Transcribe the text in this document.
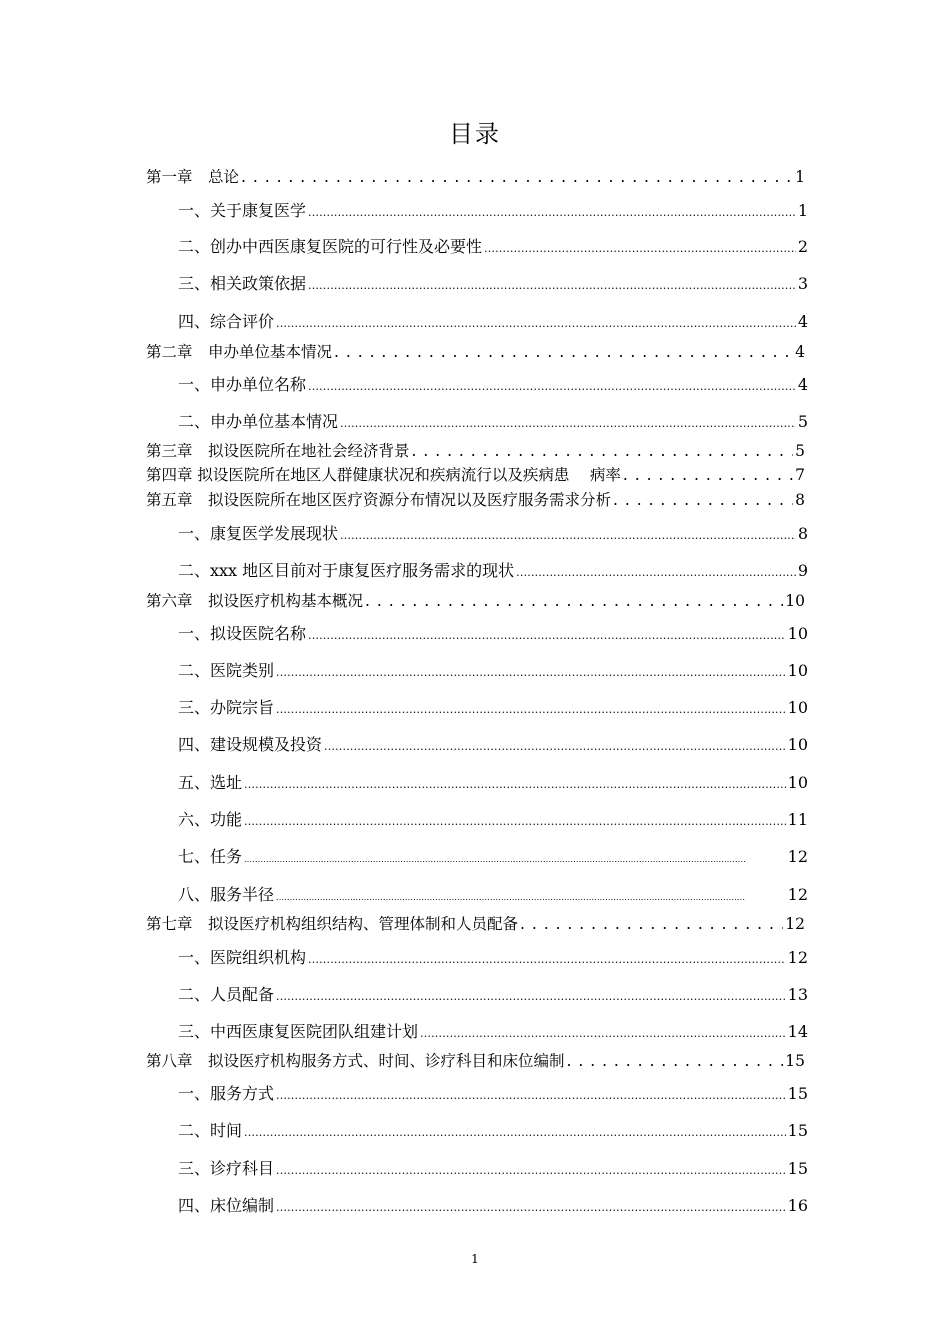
目录
第一章　总论 . . .	1
一、关于康复医学 .....	1
二、创办中西医康复医院的可行性及必要性 .....	2
三、相关政策依据 .....	3
四、综合评价 .....	4
第二章　申办单位基本情况 . . .	4
一、申办单位名称 .....	4
二、申办单位基本情况 .....	5
第三章　拟设医院所在地社会经济背景 . . .	5
第四章 拟设医院所在地区人群健康状况和疾病流行以及疾病患　 病率 . . .	7
第五章　拟设医院所在地区医疗资源分布情况以及医疗服务需求分析 . . .	8
一、康复医学发展现状 .....	8
二、xxx 地区目前对于康复医疗服务需求的现状 .....	9
第六章　拟设医疗机构基本概况 . . .	10
一、拟设医院名称 .....	10
二、医院类别 .....	10
三、办院宗旨 .....	10
四、建设规模及投资 .....	10
五、选址 .....	10
六、功能 .....	11
七、任务 .....	12
八、服务半径 .....	12
第七章　拟设医疗机构组织结构、管理体制和人员配备 . . .	12
一、医院组织机构 .....	12
二、人员配备 .....	13
三、中西医康复医院团队组建计划 .....	14
第八章　拟设医疗机构服务方式、时间、诊疗科目和床位编制 . . .	15
一、服务方式 .....	15
二、时间 .....	15
三、诊疗科目 .....	15
四、床位编制 .....	16
1
